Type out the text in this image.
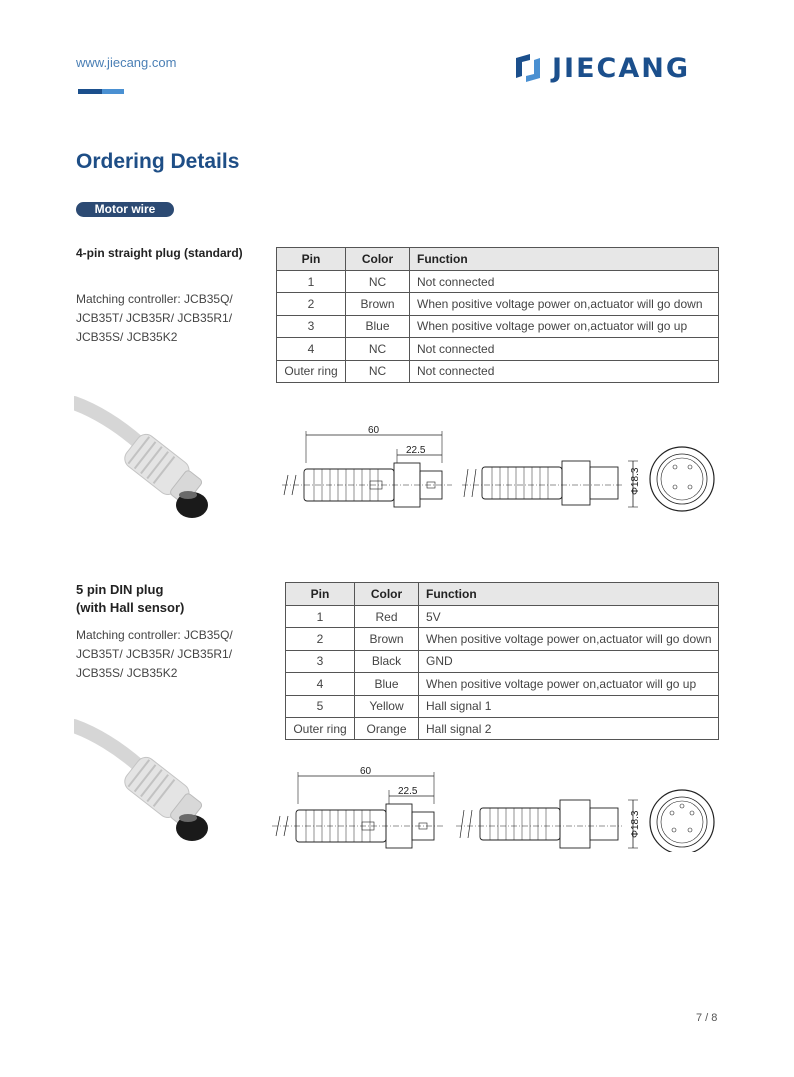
www.jiecang.com	JIECANG
Ordering Details
Motor wire
4-pin straight plug (standard)
Matching controller: JCB35Q/ JCB35T/ JCB35R/ JCB35R1/ JCB35S/ JCB35K2
Pin	Color	Function
1	NC	Not connected
2	Brown	When positive voltage power on,actuator will go down
3	Blue	When positive voltage power on,actuator will go up
4	NC	Not connected
Outer ring	NC	Not connected
60
22.5
Φ18.3
5 pin DIN plug
(with Hall sensor)
Matching controller: JCB35Q/ JCB35T/ JCB35R/ JCB35R1/ JCB35S/ JCB35K2
Pin	Color	Function
1	Red	5V
2	Brown	When positive voltage power on,actuator will go down
3	Black	GND
4	Blue	When positive voltage power on,actuator will go up
5	Yellow	Hall signal 1
Outer ring	Orange	Hall signal 2
60
22.5
Φ18.3
7 / 8
